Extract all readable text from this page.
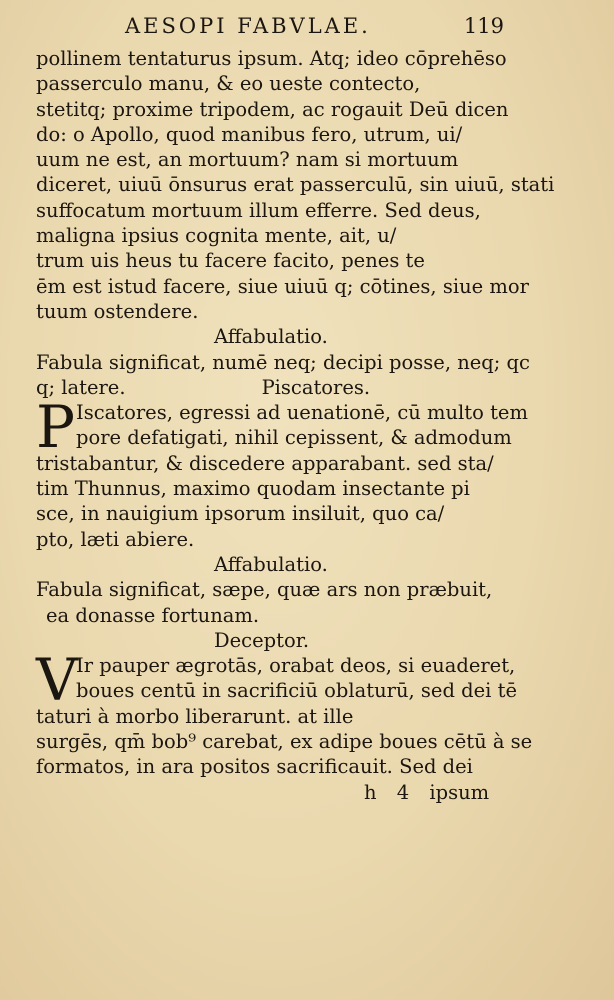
AESOPI FABVLAE.	119
pollinem tentaturus ipsum. Atq; ideo cōprehēso
passerculo manu, & eo ueste contecto,
stetitq; proxime tripodem, ac rogauit Deū dicen
do: o Apollo, quod manibus fero, utrum, ui/
uum ne est, an mortuum? nam si mortuum
diceret, uiuū ōnsurus erat passerculū, sin uiuū, stati
suffocatum mortuum illum efferre. Sed deus,
maligna ipsius cognita mente, ait, u/
trum uis heus tu facere facito, penes te
ēm est istud facere, siue uiuū q; cōtines, siue mor
tuum ostendere.
Affabulatio.
Fabula significat, numē neq; decipi posse, neq; qc
q; latere.	Piscatores.
P Iscatores, egressi ad uenationē, cū multo tem
pore defatigati, nihil cepissent, & admodum
tristabantur, & discedere apparabant. sed sta/
tim Thunnus, maximo quodam insectante pi
sce, in nauigium ipsorum insiluit, quo ca/
pto, læti abiere.
Affabulatio.
Fabula significat, sæpe, quæ ars non præbuit,
ea donasse fortunam.
Deceptor.
V
Ir pauper ægrotās, orabat deos, si euaderet,
boues centū in sacrificiū oblaturū, sed dei tē
taturi à morbo liberarunt. at ille
surgēs, qm̄ bob⁹ carebat, ex adipe boues cētū à se
formatos, in ara positos sacrificauit. Sed dei
h 4 ipsum
